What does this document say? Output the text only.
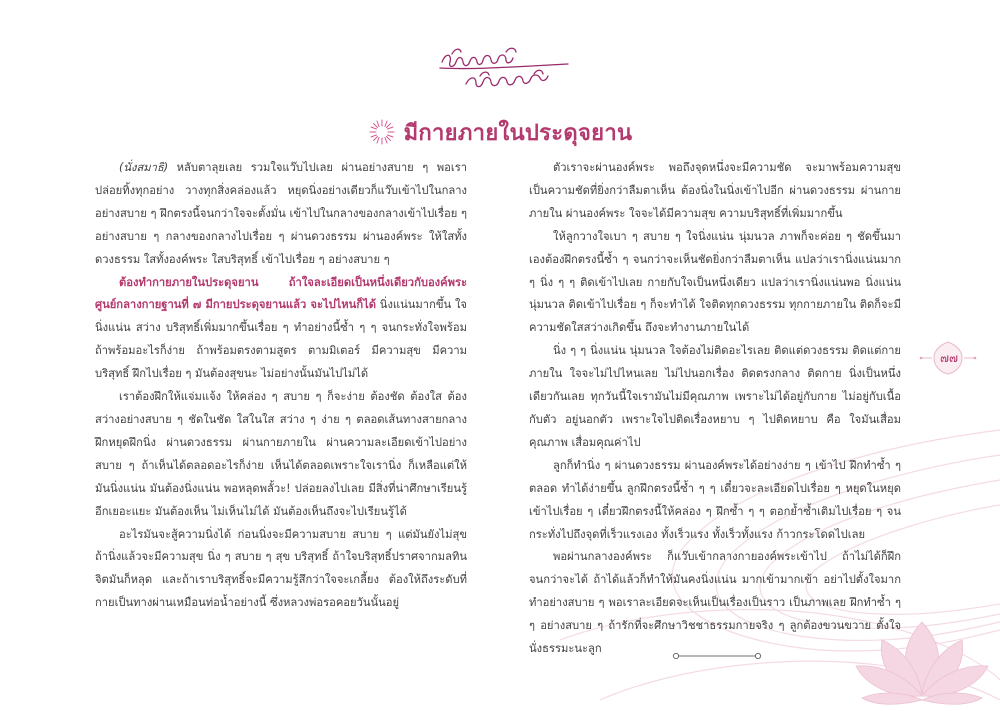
มีกายภายในประดุจยาน

(นั่งสมาธิ) หลับตาลุยเลย รวมใจแว๊บไปเลย ผ่านอย่างสบาย ๆ พอเราปล่อยทิ้งทุกอย่าง วางทุกสิ่งคล่องแล้ว หยุดนิ่งอย่างเดียวก็แว๊บเข้าไปในกลางอย่างสบาย ๆ ฝึกตรงนี้จนกว่าใจจะตั้งมั่น เข้าไปในกลางของกลางเข้าไปเรื่อย ๆ อย่างสบาย ๆ กลางของกลางไปเรื่อย ๆ ผ่านดวงธรรม ผ่านองค์พระ ให้ใสทั้งดวงธรรม ใสทั้งองค์พระ ใสบริสุทธิ์ เข้าไปเรื่อย ๆ อย่างสบาย ๆ

ต้องทำกายภายในประดุจยาน ถ้าใจละเอียดเป็นหนึ่งเดียวกับองค์พระศูนย์กลางกายฐานที่ ๗ มีกายประดุจยานแล้ว จะไปไหนก็ได้ นิ่งแน่นมากขึ้น ใจนิ่งแน่น สว่าง บริสุทธิ์เพิ่มมากขึ้นเรื่อย ๆ ทำอย่างนี้ซ้ำ ๆ ๆ จนกระทั่งใจพร้อม ถ้าพร้อมอะไรก็ง่าย ถ้าพร้อมตรงตามสูตร ตามมิเตอร์ มีความสุข มีความบริสุทธิ์ ฝึกไปเรื่อย ๆ มันต้องสุขนะ ไม่อย่างนั้นมันไปไม่ได้

เราต้องฝึกให้แจ่มแจ้ง ให้คล่อง ๆ สบาย ๆ ก็จะง่าย ต้องชัด ต้องใส ต้องสว่างอย่างสบาย ๆ ชัดในชัด ใสในใส สว่าง ๆ ง่าย ๆ ตลอดเส้นทางสายกลาง ฝึกหยุดฝึกนิ่ง ผ่านดวงธรรม ผ่านกายภายใน ผ่านความละเอียดเข้าไปอย่างสบาย ๆ ถ้าเห็นได้ตลอดอะไรก็ง่าย เห็นได้ตลอดเพราะใจเรานิ่ง ก็เหลือแต่ให้มันนิ่งแน่น มันต้องนิ่งแน่น พอหลุดพลั้วะ! ปล่อยลงไปเลย มีสิ่งที่น่าศึกษาเรียนรู้อีกเยอะแยะ มันต้องเห็น ไม่เห็นไม่ได้ มันต้องเห็นถึงจะไปเรียนรู้ได้

อะไรมันจะสู้ความนิ่งได้ ก่อนนิ่งจะมีความสบาย สบาย ๆ แต่มันยังไม่สุข ถ้านิ่งแล้วจะมีความสุข นิ่ง ๆ สบาย ๆ สุข บริสุทธิ์ ถ้าใจบริสุทธิ์ปราศจากมลทิน จิตมันก็หลุด และถ้าเราบริสุทธิ์จะมีความรู้สึกว่าใจจะเกลี้ยง ต้องให้ถึงระดับที่กายเป็นทางผ่านเหมือนท่อน้ำอย่างนี้ ซึ่งหลวงพ่อรอคอยวันนั้นอยู่

ตัวเราจะผ่านองค์พระ พอถึงจุดหนึ่งจะมีความชัด จะมาพร้อมความสุข เป็นความชัดที่ยิ่งกว่าลืมตาเห็น ต้องนิ่งในนิ่งเข้าไปอีก ผ่านดวงธรรม ผ่านกายภายใน ผ่านองค์พระ ใจจะได้มีความสุข ความบริสุทธิ์ที่เพิ่มมากขึ้น

ให้ลูกวางใจเบา ๆ สบาย ๆ ใจนิ่งแน่น นุ่มนวล ภาพก็จะค่อย ๆ ชัดขึ้นมาเองต้องฝึกตรงนี้ซ้ำ ๆ จนกว่าจะเห็นชัดยิ่งกว่าลืมตาเห็น แปลว่าเรานิ่งแน่นมาก ๆ นิ่ง ๆ ๆ ติดเข้าไปเลย กายกับใจเป็นหนึ่งเดียว แปลว่าเรานิ่งแน่นพอ นิ่งแน่นนุ่มนวล ติดเข้าไปเรื่อย ๆ ก็จะทำได้ ใจติดทุกดวงธรรม ทุกกายภายใน ติดก็จะมีความชัดใสสว่างเกิดขึ้น ถึงจะทำงานภายในได้

นิ่ง ๆ ๆ นิ่งแน่น นุ่มนวล ใจต้องไม่ติดอะไรเลย ติดแต่ดวงธรรม ติดแต่กายภายใน ใจจะไม่ไปไหนเลย ไม่ไปนอกเรื่อง ติดตรงกลาง ติดกาย นิ่งเป็นหนึ่งเดียวกันเลย ทุกวันนี้ใจเรามันไม่มีคุณภาพ เพราะไม่ได้อยู่กับกาย ไม่อยู่กับเนื้อกับตัว อยู่นอกตัว เพราะใจไปติดเรื่องหยาบ ๆ ไปติดหยาบ คือ ใจมันเสื่อมคุณภาพ เสื่อมคุณค่าไป

ลูกก็ทำนิ่ง ๆ ผ่านดวงธรรม ผ่านองค์พระได้อย่างง่าย ๆ เข้าไป ฝึกทำซ้ำ ๆ ตลอด ทำได้ง่ายขึ้น ลูกฝึกตรงนี้ซ้ำ ๆ ๆ เดี๋ยวจะละเอียดไปเรื่อย ๆ หยุดในหยุดเข้าไปเรื่อย ๆ เดี๋ยวฝึกตรงนี้ให้คล่อง ๆ ฝึกซ้ำ ๆ ๆ ตอกย้ำซ้ำเติมไปเรื่อย ๆ จนกระทั่งไปถึงจุดที่เร็วแรงเอง ทั้งเร็วแรง ทั้งเร็วทั้งแรง ก้าวกระโดดไปเลย

พอผ่านกลางองค์พระ ก็แว๊บเข้ากลางกายองค์พระเข้าไป ถ้าไม่ได้ก็ฝึกจนกว่าจะได้ ถ้าได้แล้วก็ทำให้มันคงนิ่งแน่น มากเข้ามากเข้า อย่าไปตั้งใจมาก ทำอย่างสบาย ๆ พอเราละเอียดจะเห็นเป็นเรื่องเป็นราว เป็นภาพเลย ฝึกทำซ้ำ ๆ ๆ อย่างสบาย ๆ ถ้ารักที่จะศึกษาวิชชาธรรมกายจริง ๆ ลูกต้องขวนขวาย ตั้งใจนั่งธรรมะนะลูก

๗๗
